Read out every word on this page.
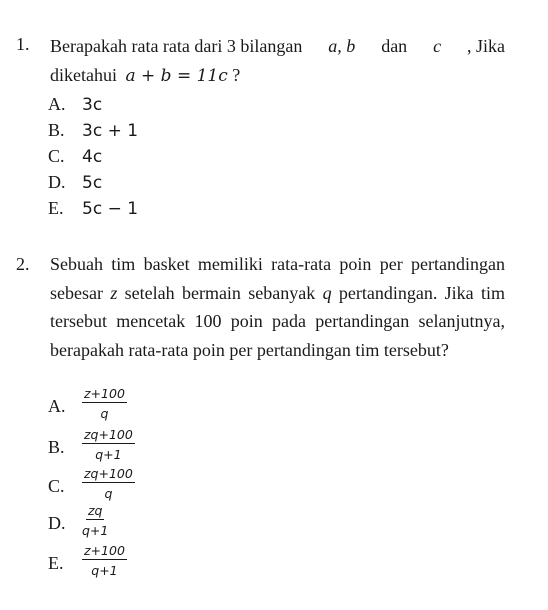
1. Berapakah rata rata dari 3 bilangan a, b dan c , Jika
diketahui a + b = 11c ?
A. 3c
B. 3c + 1
C. 4c
D. 5c
E. 5c − 1
2. Sebuah tim basket memiliki rata-rata poin per pertandingan sebesar z setelah bermain sebanyak q pertandingan. Jika tim tersebut mencetak 100 poin pada pertandingan selanjutnya, berapakah rata-rata poin per pertandingan tim tersebut?
A.	$\frac{z+100}{q}$
B.	$\frac{zq+100}{q+1}$
C.	$\frac{zq+100}{q}$
D.	$\frac{zq}{q+1}$
E.	$\frac{z+100}{q+1}$
